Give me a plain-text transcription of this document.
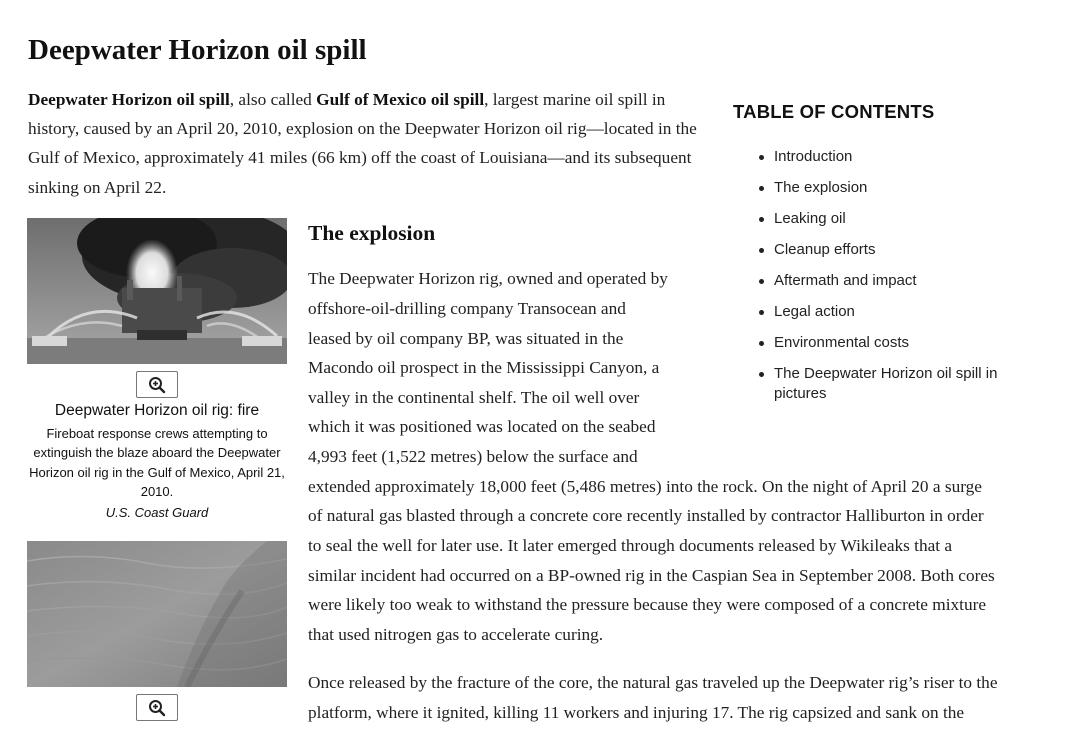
Deepwater Horizon oil spill

Deepwater Horizon oil spill, also called Gulf of Mexico oil spill, largest marine oil spill in history, caused by an April 20, 2010, explosion on the Deepwater Horizon oil rig—located in the Gulf of Mexico, approximately 41 miles (66 km) off the coast of Louisiana—and its subsequent sinking on April 22.

TABLE OF CONTENTS
Introduction
The explosion
Leaking oil
Cleanup efforts
Aftermath and impact
Legal action
Environmental costs
The Deepwater Horizon oil spill in pictures
Deepwater Horizon oil rig: fire
Fireboat response crews attempting to extinguish the blaze aboard the Deepwater Horizon oil rig in the Gulf of Mexico, April 21, 2010.
U.S. Coast Guard
The explosion

The Deepwater Horizon rig, owned and operated by

offshore-oil-drilling company Transocean and

leased by oil company BP, was situated in the

Macondo oil prospect in the Mississippi Canyon, a

valley in the continental shelf. The oil well over

which it was positioned was located on the seabed

4,993 feet (1,522 metres) below the surface and

extended approximately 18,000 feet (5,486 metres) into the rock. On the night of April 20 a surge

of natural gas blasted through a concrete core recently installed by contractor Halliburton in order

to seal the well for later use. It later emerged through documents released by Wikileaks that a

similar incident had occurred on a BP-owned rig in the Caspian Sea in September 2008. Both cores

were likely too weak to withstand the pressure because they were composed of a concrete mixture

that used nitrogen gas to accelerate curing.

Once released by the fracture of the core, the natural gas traveled up the Deepwater rig’s riser to the

platform, where it ignited, killing 11 workers and injuring 17. The rig capsized and sank on the
